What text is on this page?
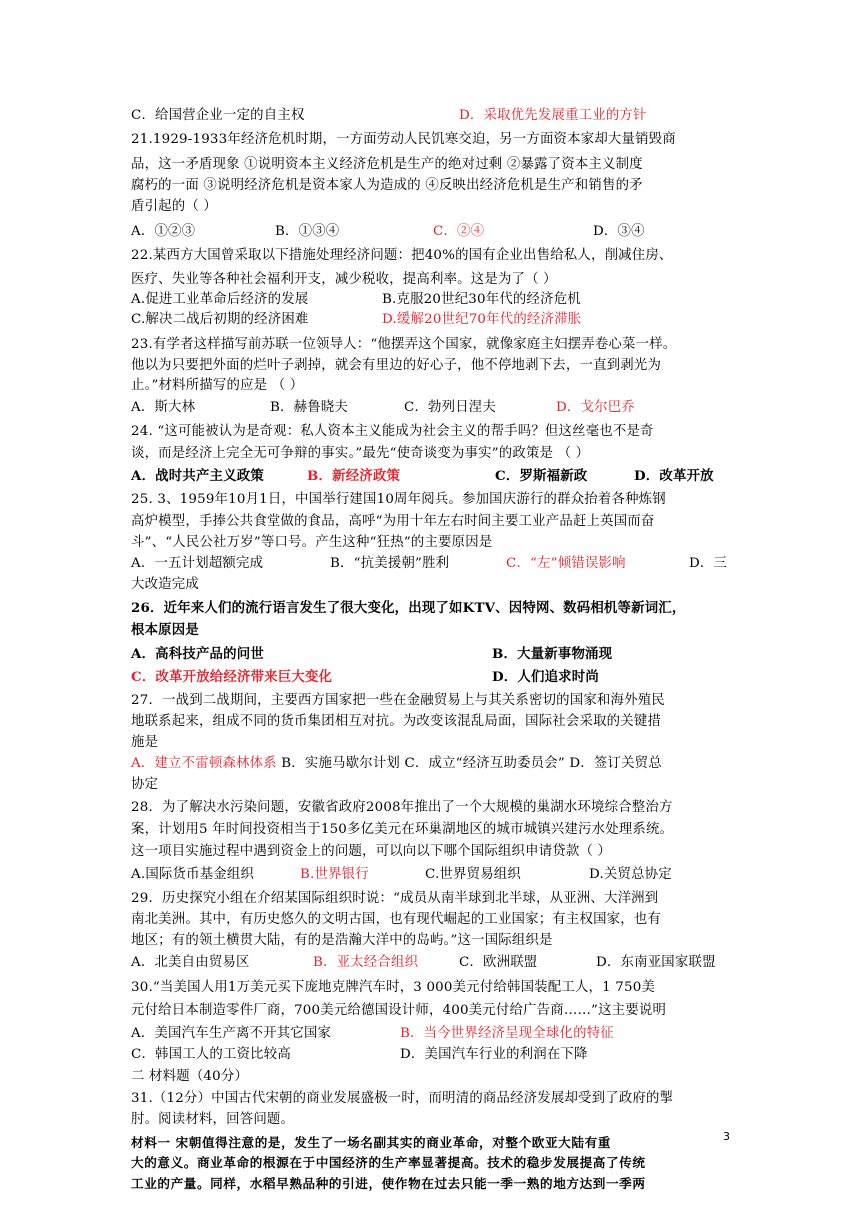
C．给国营企业一定的自主权	D．采取优先发展重工业的方针
21.1929-1933年经济危机时期，一方面劳动人民饥寒交迫，另一方面资本家却大量销毁商
品，这一矛盾现象 ①说明资本主义经济危机是生产的绝对过剩 ②暴露了资本主义制度
腐朽的一面 ③说明经济危机是资本家人为造成的 ④反映出经济危机是生产和销售的矛
盾引起的（ ）
A．①②③	B．①③④	C．②④	D．③④
22.某西方大国曾采取以下措施处理经济问题：把40%的国有企业出售给私人，削减住房、
医疗、失业等各种社会福利开支，减少税收，提高利率。这是为了（ ）
A.促进工业革命后经济的发展	B.克服20世纪30年代的经济危机
C.解决二战后初期的经济困难	D.缓解20世纪70年代的经济滞胀
23.有学者这样描写前苏联一位领导人：“他摆弄这个国家，就像家庭主妇摆弄卷心菜一样。
他以为只要把外面的烂叶子剥掉，就会有里边的好心子，他不停地剥下去，一直到剥光为
止。”材料所描写的应是 （ ）
A．斯大林	B．赫鲁晓夫	C．勃列日涅夫	D．戈尔巴乔
24. “这可能被认为是奇观：私人资本主义能成为社会主义的帮手吗？但这丝毫也不是奇
谈，而是经济上完全无可争辩的事实。”最先“使奇谈变为事实”的政策是 （ ）
A．战时共产主义政策	B．新经济政策	C．罗斯福新政	D．改革开放
25. 3、1959年10月1日，中国举行建国10周年阅兵。参加国庆游行的群众抬着各种炼钢
高炉模型，手捧公共食堂做的食品，高呼“为用十年左右时间主要工业产品赶上英国而奋
斗”、“人民公社万岁”等口号。产生这种“狂热”的主要原因是
A．一五计划超额完成	B．“抗美援朝”胜利	C．“左”倾错误影响	D．三
大改造完成
26．近年来人们的流行语言发生了很大变化，出现了如KTV、因特网、数码相机等新词汇，
根本原因是
A．高科技产品的问世	B．大量新事物涌现
C．改革开放给经济带来巨大变化	D．人们追求时尚
27．一战到二战期间，主要西方国家把一些在金融贸易上与其关系密切的国家和海外殖民
地联系起来，组成不同的货币集团相互对抗。为改变该混乱局面，国际社会采取的关键措
施是
A．建立不雷顿森林体系 B．实施马歇尔计划 C．成立“经济互助委员会” D．签订关贸总
协定
28．为了解决水污染问题，安徽省政府2008年推出了一个大规模的巢湖水环境综合整治方
案，计划用5 年时间投资相当于150多亿美元在环巢湖地区的城市城镇兴建污水处理系统。
这一项目实施过程中遇到资金上的问题，可以向以下哪个国际组织申请贷款（ ）
A.国际货币基金组织	B.世界银行	C.世界贸易组织	D.关贸总协定
29．历史探究小组在介绍某国际组织时说：“成员从南半球到北半球，从亚洲、大洋洲到
南北美洲。其中，有历史悠久的文明古国，也有现代崛起的工业国家；有主权国家，也有
地区；有的领土横贯大陆，有的是浩瀚大洋中的岛屿。”这一国际组织是
A．北美自由贸易区	B．亚太经合组织	C．欧洲联盟	D．东南亚国家联盟
30.“当美国人用1万美元买下庞地克牌汽车时，3 000美元付给韩国装配工人，1 750美
元付给日本制造零件厂商，700美元给德国设计师，400美元付给广告商……”这主要说明
A．美国汽车生产离不开其它国家	B．当今世界经济呈现全球化的特征
C．韩国工人的工资比较高	D．美国汽车行业的利润在下降
二 材料题（40分）
31.（12分）中国古代宋朝的商业发展盛极一时，而明清的商品经济发展却受到了政府的掣
肘。阅读材料，回答问题。
材料一 宋朝值得注意的是，发生了一场名副其实的商业革命，对整个欧亚大陆有重
大的意义。商业革命的根源在于中国经济的生产率显著提高。技术的稳步发展提高了传统
工业的产量。同样，水稻早熟品种的引进，使作物在过去只能一季一熟的地方达到一季两
3
